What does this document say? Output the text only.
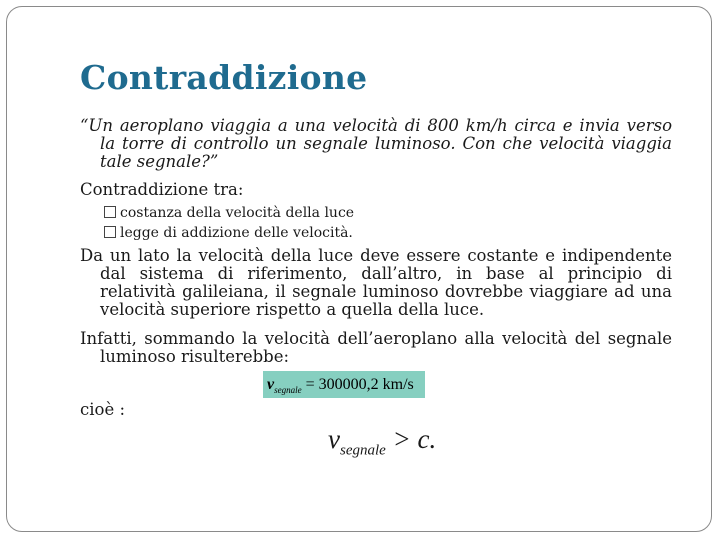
Contraddizione
“Un aeroplano viaggia a una velocità di 800 km/h circa e invia verso la torre di controllo un segnale luminoso. Con che velocità viaggia tale segnale?”
Contraddizione tra:
costanza della velocità della luce
legge di addizione delle velocità.
Da un lato la velocità della luce deve essere costante e indipendente dal sistema di riferimento, dall’altro, in base al principio di relatività galileiana, il segnale luminoso dovrebbe viaggiare ad una velocità superiore rispetto a quella della luce.
Infatti, sommando la velocità dell’aeroplano alla velocità del segnale luminoso risulterebbe:
$v_{segnale} = 300000,2$ km/s
cioè :
$v_{segnale} > c$.
